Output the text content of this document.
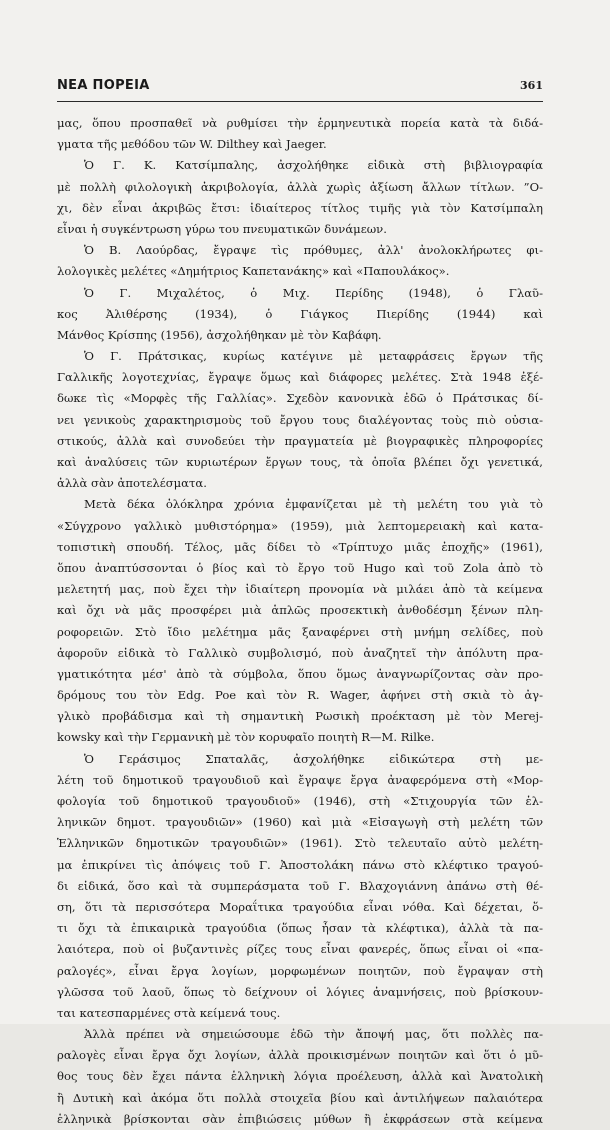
ΝΕΑ ΠΟΡΕΙΑ	361
μας, ὅπου προσπαθεῖ νὰ ρυθμίσει τὴν ἑρμηνευτικὰ πορεία κατὰ τὰ διδά-
γματα τῆς μεθόδου τῶν W. Dilthey καὶ Jaeger.
Ὁ Γ. Κ. Κατσίμπαλης, ἀσχολήθηκε εἰδικὰ στὴ βιβλιογραφία
μὲ πολλὴ φιλολογικὴ ἀκριβολογία, ἀλλὰ χωρὶς ἀξίωση ἄλλων τίτλων. ”Ο-
χι, δὲν εἶναι ἀκριβῶς ἔτσι: ἰδιαίτερος τίτλος τιμῆς γιὰ τὸν Κατσίμπαλη
εἶναι ἡ συγκέντρωση γύρω του πνευματικῶν δυνάμεων.
Ὁ Β. Λαούρδας, ἔγραψε τὶς πρόθυμες, ἀλλ' ἀνολοκλήρωτες φι-
λολογικὲς μελέτες «Δημήτριος Καπετανάκης» καὶ «Παπουλάκος».
Ὁ Γ. Μιχαλέτος, ὁ Μιχ. Περίδης (1948), ὁ Γλαῦ-
κος Ἀλιθέρσης (1934), ὁ Γιάγκος Πιερίδης (1944) καὶ
Μάνθος Κρίσπης (1956), ἀσχολήθηκαν μὲ τὸν Καβάφη.
Ὁ Γ. Πράτσικας, κυρίως κατέγινε μὲ μεταφράσεις ἔργων τῆς
Γαλλικῆς λογοτεχνίας, ἔγραψε ὅμως καὶ διάφορες μελέτες. Στὰ 1948 ἐξέ-
δωκε τὶς «Μορφὲς τῆς Γαλλίας». Σχεδὸν κανονικὰ ἐδῶ ὁ Πράτσικας δί-
νει γενικοὺς χαρακτηρισμοὺς τοῦ ἔργου τους διαλέγοντας τοὺς πιὸ οὐσια-
στικούς, ἀλλὰ καὶ συνοδεύει τὴν πραγματεία μὲ βιογραφικὲς πληροφορίες
καὶ ἀναλύσεις τῶν κυριωτέρων ἔργων τους, τὰ ὁποῖα βλέπει ὄχι γενετικά,
ἀλλὰ σὰν ἀποτελέσματα.
Μετὰ δέκα ὁλόκληρα χρόνια ἐμφανίζεται μὲ τὴ μελέτη του γιὰ τὸ
«Σύγχρονο γαλλικὸ μυθιστόρημα» (1959), μιὰ λεπτομερειακὴ καὶ κατα-
τοπιστικὴ σπουδή. Τέλος, μᾶς δίδει τὸ «Τρίπτυχο μιᾶς ἐποχῆς» (1961),
ὅπου ἀναπτύσσονται ὁ βίος καὶ τὸ ἔργο τοῦ Hugo καὶ τοῦ Zola ἀπὸ τὸ
μελετητή μας, ποὺ ἔχει τὴν ἰδιαίτερη προνομία νὰ μιλάει ἀπὸ τὰ κείμενα
καὶ ὄχι νὰ μᾶς προσφέρει μιὰ ἁπλῶς προσεκτικὴ ἀνθοδέσμη ξένων πλη-
ροφορειῶν. Στὸ ἴδιο μελέτημα μᾶς ξαναφέρνει στὴ μνήμη σελίδες, ποὺ
ἀφοροῦν εἰδικὰ τὸ Γαλλικὸ συμβολισμό, ποὺ ἀναζητεῖ τὴν ἀπόλυτη πρα-
γματικότητα μέσ' ἀπὸ τὰ σύμβολα, ὅπου ὅμως ἀναγνωρίζοντας σὰν προ-
δρόμους του τὸν Edg. Poe καὶ τὸν R. Wager, ἀφήνει στὴ σκιὰ τὸ ἀγ-
γλικὸ προβάδισμα καὶ τὴ σημαντικὴ Ρωσικὴ προέκταση μὲ τὸν Merej-
kowsky καὶ τὴν Γερμανικὴ μὲ τὸν κορυφαῖο ποιητὴ R—M. Rilke.
Ὁ Γεράσιμος Σπαταλᾶς, ἀσχολήθηκε εἰδικώτερα στὴ με-
λέτη τοῦ δημοτικοῦ τραγουδιοῦ καὶ ἔγραψε ἔργα ἀναφερόμενα στὴ «Μορ-
φολογία τοῦ δημοτικοῦ τραγουδιοῦ» (1946), στὴ «Στιχουργία τῶν ἑλ-
ληνικῶν δημοτ. τραγουδιῶν» (1960) καὶ μιὰ «Εἰσαγωγὴ στὴ μελέτη τῶν
Ἑλληνικῶν δημοτικῶν τραγουδιῶν» (1961). Στὸ τελευταῖο αὐτὸ μελέτη-
μα ἐπικρίνει τὶς ἀπόψεις τοῦ Γ. Ἀποστολάκη πάνω στὸ κλέφτικο τραγού-
δι εἰδικά, ὅσο καὶ τὰ συμπεράσματα τοῦ Γ. Βλαχογιάννη ἀπάνω στὴ θέ-
ση, ὅτι τὰ περισσότερα Μοραΐτικα τραγούδια εἶναι νόθα. Καὶ δέχεται, ὅ-
τι ὄχι τὰ ἐπικαιρικὰ τραγούδια (ὅπως ἦσαν τὰ κλέφτικα), ἀλλὰ τὰ πα-
λαιότερα, ποὺ οἱ βυζαντινὲς ρίζες τους εἶναι φανερές, ὅπως εἶναι οἱ «πα-
ραλογές», εἶναι ἔργα λογίων, μορφωμένων ποιητῶν, ποὺ ἔγραψαν στὴ
γλῶσσα τοῦ λαοῦ, ὅπως τὸ δείχνουν οἱ λόγιες ἀναμνήσεις, ποὺ βρίσκουν-
ται κατεσπαρμένες στὰ κείμενά τους.
Ἀλλὰ πρέπει νὰ σημειώσουμε ἐδῶ τὴν ἄποψή μας, ὅτι πολλὲς πα-
ραλογὲς εἶναι ἔργα ὄχι λογίων, ἀλλὰ προικισμένων ποιητῶν καὶ ὅτι ὁ μῦ-
θος τους δὲν ἔχει πάντα ἑλληνικὴ λόγια προέλευση, ἀλλὰ καὶ Ἀνατολικὴ
ἢ Δυτικὴ καὶ ἀκόμα ὅτι πολλὰ στοιχεῖα βίου καὶ ἀντιλήψεων παλαιότερα
ἑλληνικὰ βρίσκονται σὰν ἐπιβιώσεις μύθων ἢ ἐκφράσεων στὰ κείμενα
